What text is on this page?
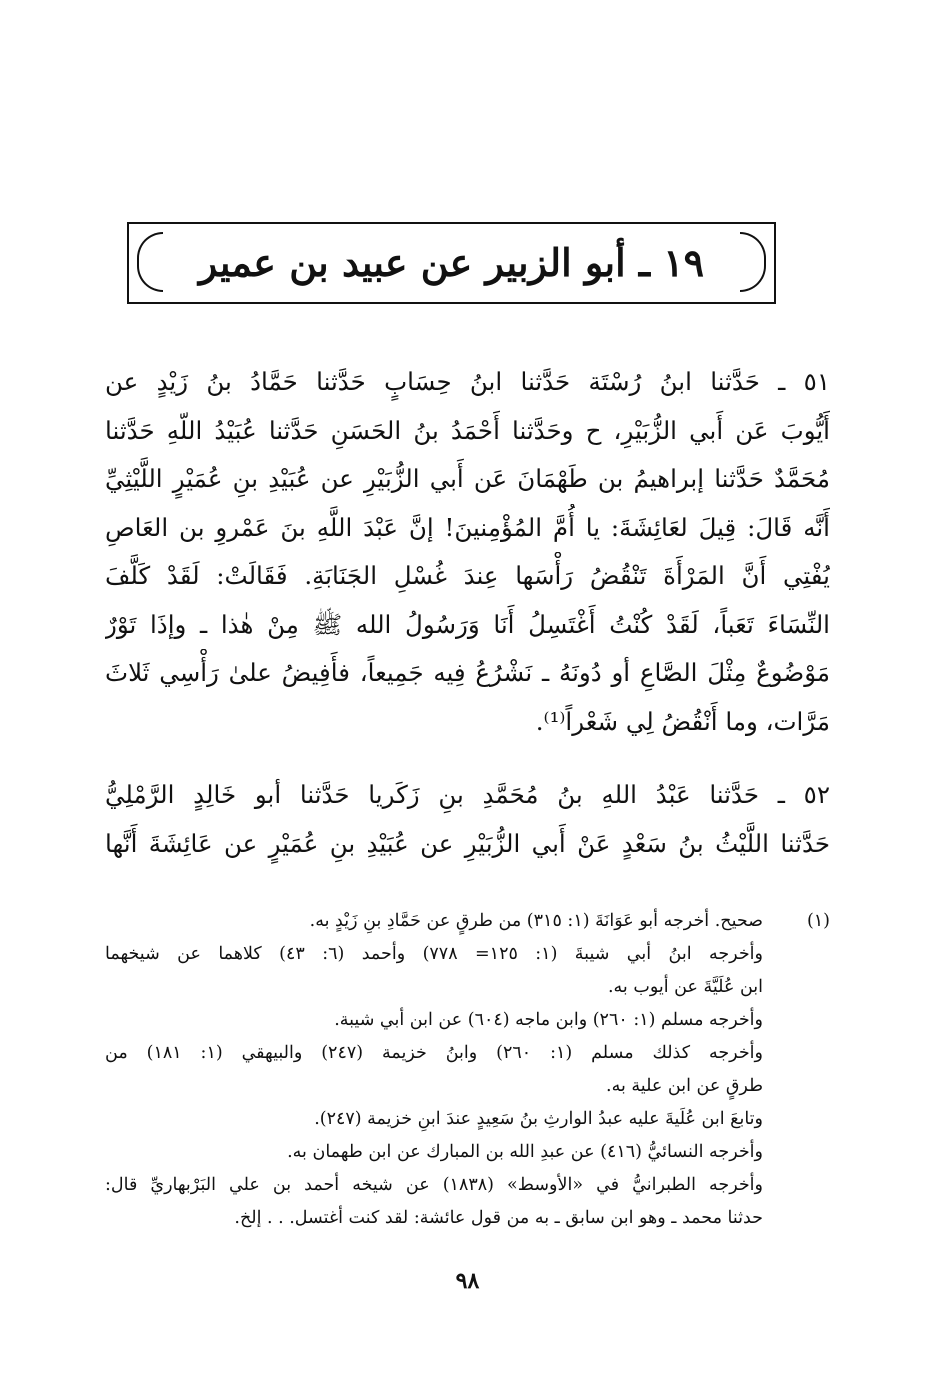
١٩ ـ أبو الزبير عن عبيد بن عمير
٥١ ـ حَدَّثنا ابنُ رُسْتَة حَدَّثنا ابنُ حِسَابٍ حَدَّثنا حَمَّادُ بنُ زَيْدٍ عن
أَيُّوبَ عَن أَبي الزُّبَيْرِ، ح وحَدَّثنا أَحْمَدُ بنُ الحَسَنِ حَدَّثنا عُبَيْدُ اللّهِ حَدَّثنا
مُحَمَّدٌ حَدَّثنا إبراهيمُ بن طَهْمَانَ عَن أَبي الزُّبَيْرِ عن عُبَيْدِ بنِ عُمَيْرٍ اللَّيْثِيِّ
أَنَّه قَالَ: قِيلَ لعَائِشَةَ: يا أُمَّ المُؤْمِنينَ! إنَّ عَبْدَ اللَّهِ بنَ عَمْروِ بن العَاصِ
يُفْتِي أَنَّ المَرْأَةَ تَنْقُضُ رَأْسَها عِندَ غُسْلِ الجَنَابَةِ. فَقَالَتْ: لَقَدْ كَلَّفَ
النِّسَاءَ تَعَباً، لَقَدْ كُنْتُ أَغْتَسِلُ أَنَا وَرَسُولُ الله ﷺ مِنْ هٰذا ـ وإذَا تَوْرٌ
مَوْضُوعٌ مِثْلَ الصَّاعِ أو دُونَهُ ـ نَشْرُعُ فِيه جَمِيعاً، فأَفِيضُ علىٰ رَأْسِي ثَلاثَ
مَرَّات، وما أَنْقُضُ لِي شَعْراً⁽¹⁾.
٥٢ ـ حَدَّثنا عَبْدُ اللهِ بنُ مُحَمَّدِ بنِ زَكَريا حَدَّثنا أبو خَالِدٍ الرَّمْلِيُّ
حَدَّثنا اللَّيْثُ بنُ سَعْدٍ عَنْ أَبي الزُّبَيْرِ عن عُبَيْدِ بنِ عُمَيْرٍ عن عَائِشَةَ أَنَّها
(١)
صحيح. أخرجه أبو عَوَانَةَ (١: ٣١٥) من طرقٍ عن حَمَّادِ بنِ زَيْدٍ به.
وأخرجه ابنُ أبي شيبةَ (١: ١٢٥= ٧٧٨) وأحمد (٦: ٤٣) كلاهما عن شيخهما
ابن عُلَيَّةَ عن أيوب به.
وأخرجه مسلم (١: ٢٦٠) وابن ماجه (٦٠٤) عن ابن أبي شيبة.
وأخرجه كذلك مسلم (١: ٢٦٠) وابنُ خزيمة (٢٤٧) والبيهقي (١: ١٨١) من
طرقٍ عن ابن علية به.
وتابعَ ابن عُلَيةَ عليه عبدُ الوارثِ بنُ سَعِيدٍ عندَ ابنِ خزيمة (٢٤٧).
وأخرجه النسائيُّ (٤١٦) عن عبدِ الله بن المبارك عن ابن طهمان به.
وأخرجه الطبرانيُّ في «الأوسط» (١٨٣٨) عن شيخه أحمد بن علي البَرْبهاريِّ قال:
حدثنا محمد ـ وهو ابن سابق ـ به من قول عائشة: لقد كنت أغتسل. . . إلخ.
٩٨
